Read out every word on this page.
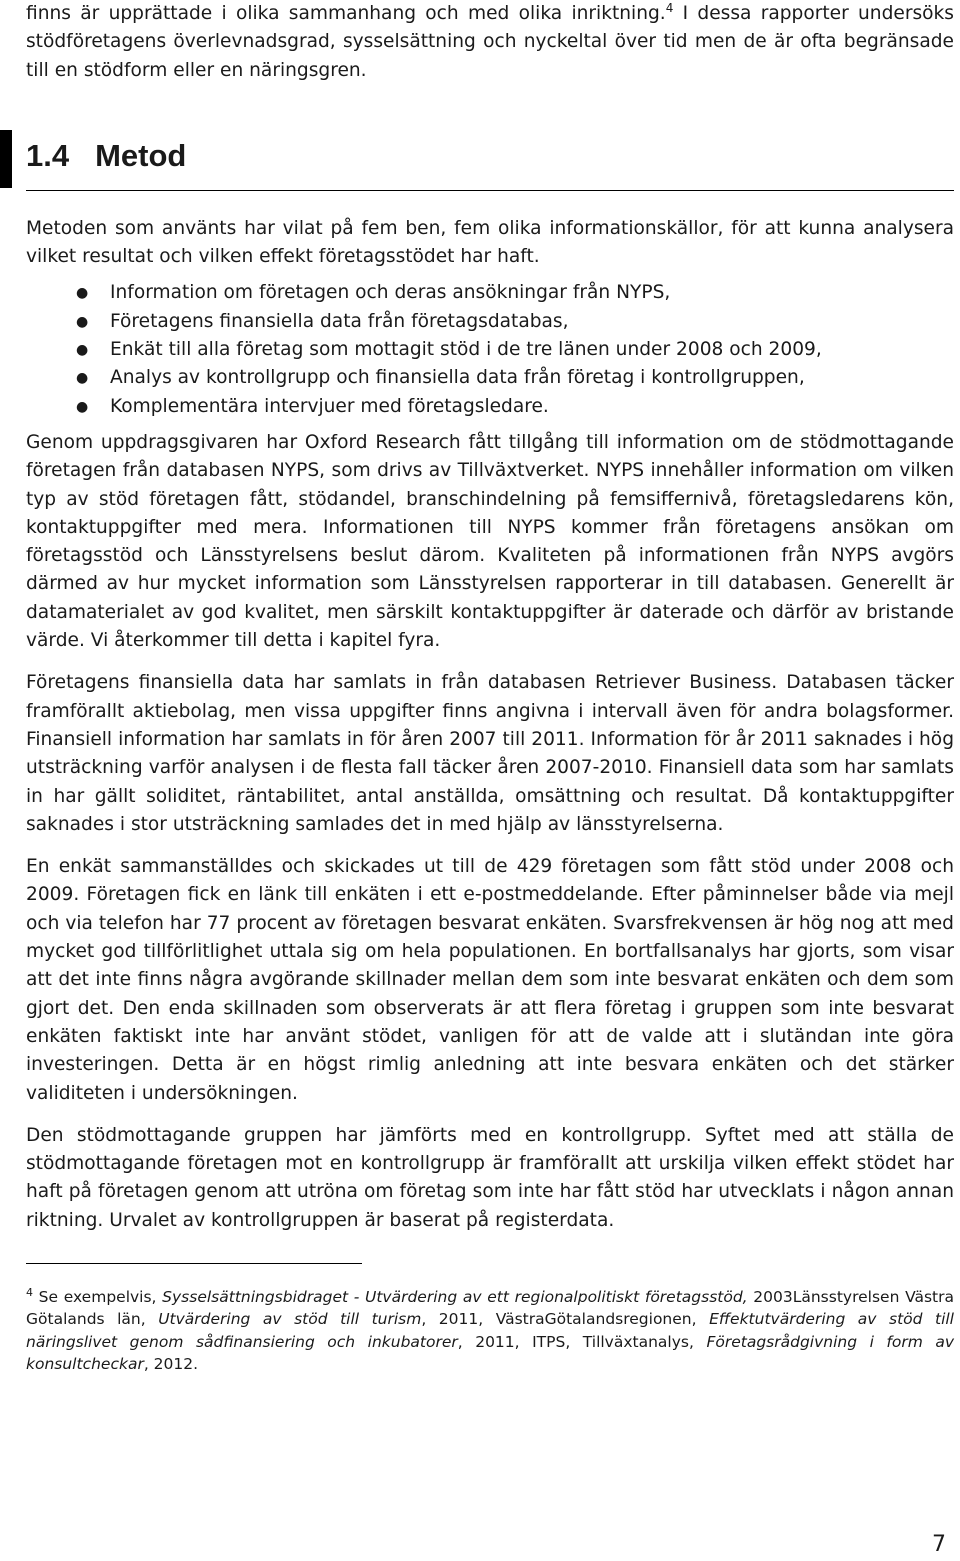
finns är upprättade i olika sammanhang och med olika inriktning.$^4$ I dessa rapporter undersöks stödföretagens överlevnadsgrad, sysselsättning och nyckeltal över tid men de är ofta begränsade till en stödform eller en näringsgren.

1.4 Metod

Metoden som använts har vilat på fem ben, fem olika informationskällor, för att kunna analysera vilket resultat och vilken effekt företagsstödet har haft.

● Information om företagen och deras ansökningar från NYPS,
● Företagens finansiella data från företagsdatabas,
● Enkät till alla företag som mottagit stöd i de tre länen under 2008 och 2009,
● Analys av kontrollgrupp och finansiella data från företag i kontrollgruppen,
● Komplementära intervjuer med företagsledare.

Genom uppdragsgivaren har Oxford Research fått tillgång till information om de stödmottagande företagen från databasen NYPS, som drivs av Tillväxtverket. NYPS innehåller information om vilken typ av stöd företagen fått, stödandel, branschindelning på femsiffernivå, företagsledarens kön, kontaktuppgifter med mera. Informationen till NYPS kommer från företagens ansökan om företagsstöd och Länsstyrelsens beslut därom. Kvaliteten på informationen från NYPS avgörs därmed av hur mycket information som Länsstyrelsen rapporterar in till databasen. Generellt är datamaterialet av god kvalitet, men särskilt kontaktuppgifter är daterade och därför av bristande värde. Vi återkommer till detta i kapitel fyra.

Företagens finansiella data har samlats in från databasen Retriever Business. Databasen täcker framförallt aktiebolag, men vissa uppgifter finns angivna i intervall även för andra bolagsformer. Finansiell information har samlats in för åren 2007 till 2011. Information för år 2011 saknades i hög utsträckning varför analysen i de flesta fall täcker åren 2007-2010. Finansiell data som har samlats in har gällt soliditet, räntabilitet, antal anställda, omsättning och resultat. Då kontaktuppgifter saknades i stor utsträckning samlades det in med hjälp av länsstyrelserna.

En enkät sammanställdes och skickades ut till de 429 företagen som fått stöd under 2008 och 2009. Företagen fick en länk till enkäten i ett e-postmeddelande. Efter påminnelser både via mejl och via telefon har 77 procent av företagen besvarat enkäten. Svarsfrekvensen är hög nog att med mycket god tillförlitlighet uttala sig om hela populationen. En bortfallsanalys har gjorts, som visar att det inte finns några avgörande skillnader mellan dem som inte besvarat enkäten och dem som gjort det. Den enda skillnaden som observerats är att flera företag i gruppen som inte besvarat enkäten faktiskt inte har använt stödet, vanligen för att de valde att i slutändan inte göra investeringen. Detta är en högst rimlig anledning att inte besvara enkäten och det stärker validiteten i undersökningen.

Den stödmottagande gruppen har jämförts med en kontrollgrupp. Syftet med att ställa de stödmottagande företagen mot en kontrollgrupp är framförallt att urskilja vilken effekt stödet har haft på företagen genom att utröna om företag som inte har fått stöd har utvecklats i någon annan riktning. Urvalet av kontrollgruppen är baserat på registerdata.

$^4$ Se exempelvis, Sysselsättningsbidraget - Utvärdering av ett regionalpolitiskt företagsstöd, 2003Länsstyrelsen Västra Götalands län, Utvärdering av stöd till turism, 2011, VästraGötalandsregionen, Effektutvärdering av stöd till näringslivet genom sådfinansiering och inkubatorer, 2011, ITPS, Tillväxtanalys, Företagsrådgivning i form av konsultcheckar, 2012.

7
